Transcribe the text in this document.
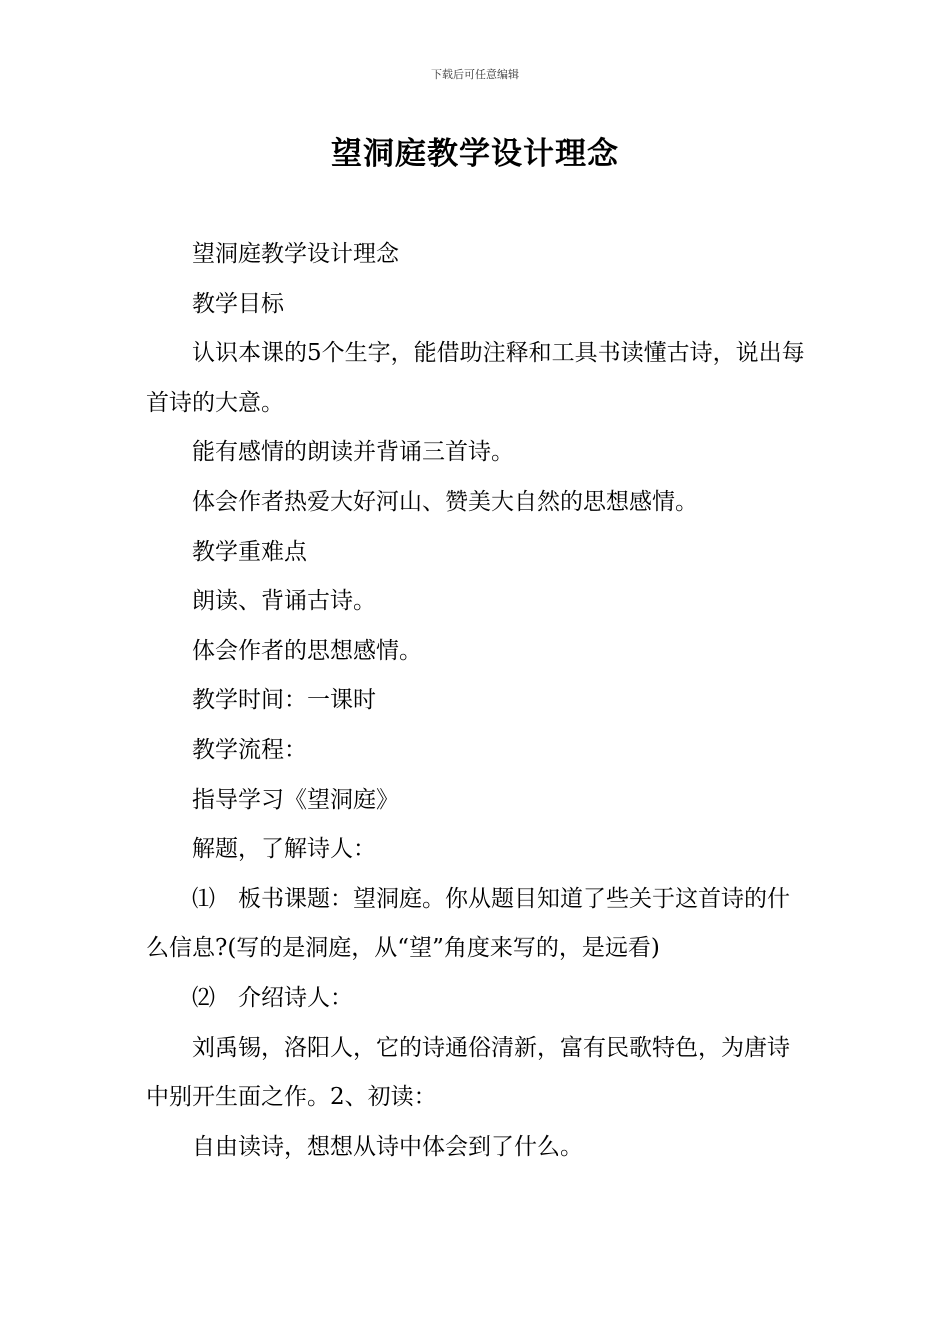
下载后可任意编辑
望洞庭教学设计理念

望洞庭教学设计理念

教学目标

认识本课的5个生字，能借助注释和工具书读懂古诗，说出每首诗的大意。

能有感情的朗读并背诵三首诗。

体会作者热爱大好河山、赞美大自然的思想感情。

教学重难点

朗读、背诵古诗。

体会作者的思想感情。

教学时间：一课时

教学流程：

指导学习《望洞庭》

解题，了解诗人：

⑴　板书课题：望洞庭。你从题目知道了些关于这首诗的什么信息?(写的是洞庭，从“望”角度来写的，是远看)

⑵　介绍诗人：

刘禹锡，洛阳人，它的诗通俗清新，富有民歌特色，为唐诗中别开生面之作。2、初读：

自由读诗，想想从诗中体会到了什么。
